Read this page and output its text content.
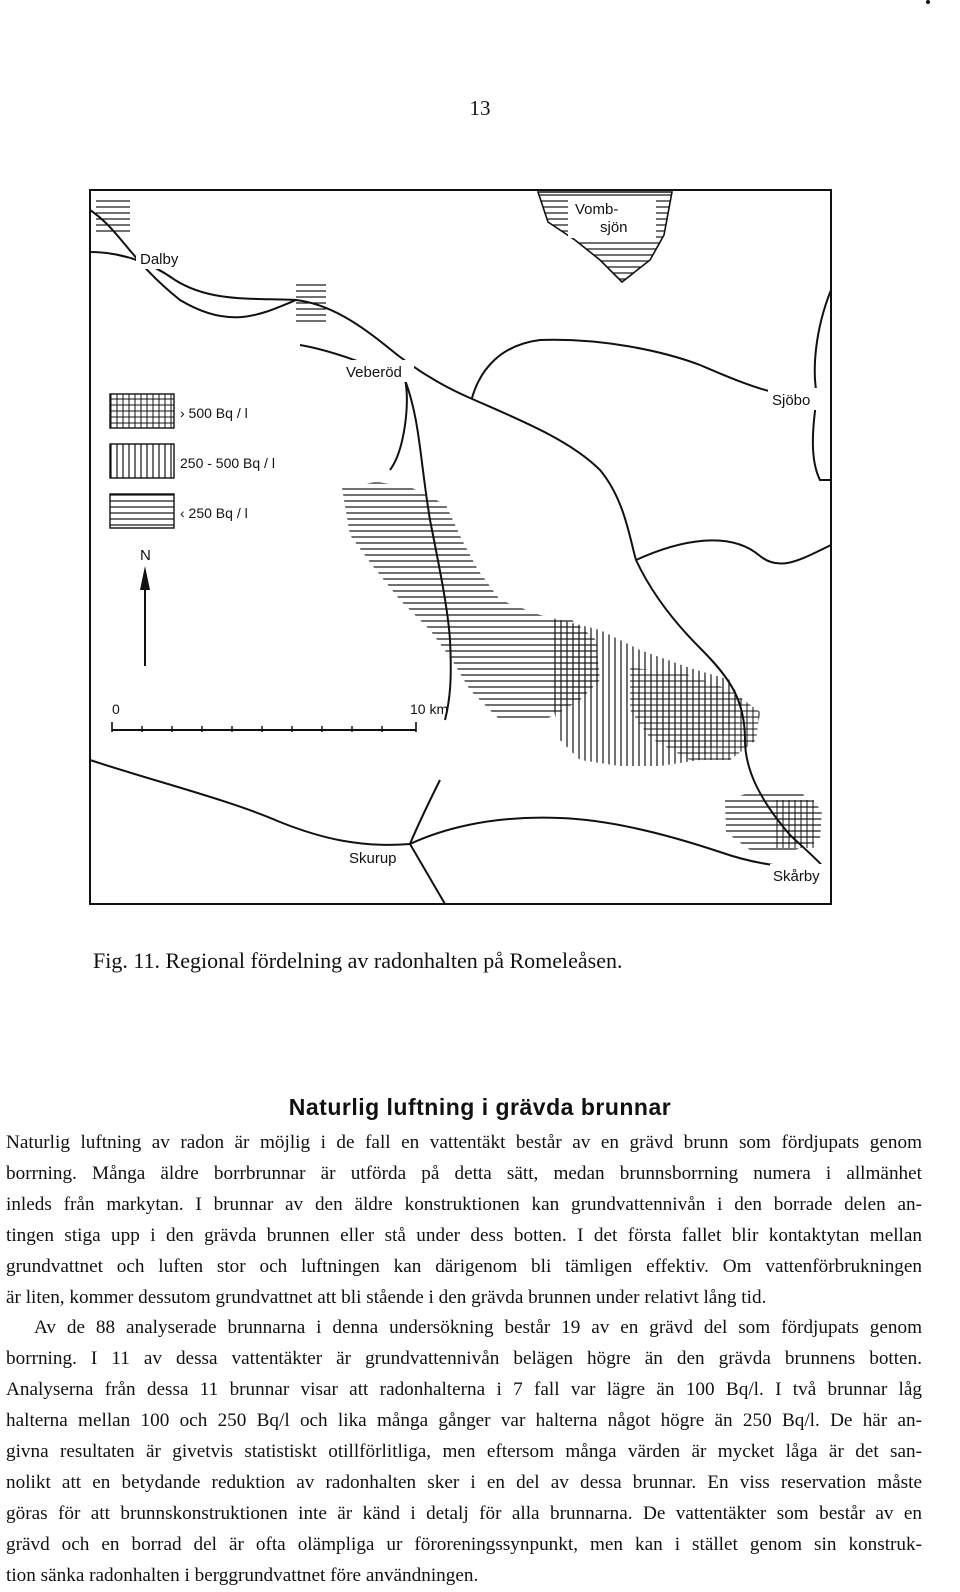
13
› 500 Bq / l
250 - 500 Bq / l
‹ 250 Bq / l
N
0	10 km
Dalby
Vomb-
sjön
Veberöd
Sjöbo
Skurup
Skårby
Fig. 11. Regional fördelning av radonhalten på Romeleåsen.
Naturlig luftning i grävda brunnar
Naturlig luftning av radon är möjlig i de fall en vattentäkt består av en grävd brunn som fördjupats genom
borrning. Många äldre borrbrunnar är utförda på detta sätt, medan brunnsborrning numera i allmänhet
inleds från markytan. I brunnar av den äldre konstruktionen kan grundvattennivån i den borrade delen an-
tingen stiga upp i den grävda brunnen eller stå under dess botten. I det första fallet blir kontaktytan mellan
grundvattnet och luften stor och luftningen kan därigenom bli tämligen effektiv. Om vattenförbrukningen
är liten, kommer dessutom grundvattnet att bli stående i den grävda brunnen under relativt lång tid.
Av de 88 analyserade brunnarna i denna undersökning består 19 av en grävd del som fördjupats genom
borrning. I 11 av dessa vattentäkter är grundvattennivån belägen högre än den grävda brunnens botten.
Analyserna från dessa 11 brunnar visar att radonhalterna i 7 fall var lägre än 100 Bq/l. I två brunnar låg
halterna mellan 100 och 250 Bq/l och lika många gånger var halterna något högre än 250 Bq/l. De här an-
givna resultaten är givetvis statistiskt otillförlitliga, men eftersom många värden är mycket låga är det san-
nolikt att en betydande reduktion av radonhalten sker i en del av dessa brunnar. En viss reservation måste
göras för att brunnskonstruktionen inte är känd i detalj för alla brunnarna. De vattentäkter som består av en
grävd och en borrad del är ofta olämpliga ur föroreningssynpunkt, men kan i stället genom sin konstruk-
tion sänka radonhalten i berggrundvattnet före användningen.
